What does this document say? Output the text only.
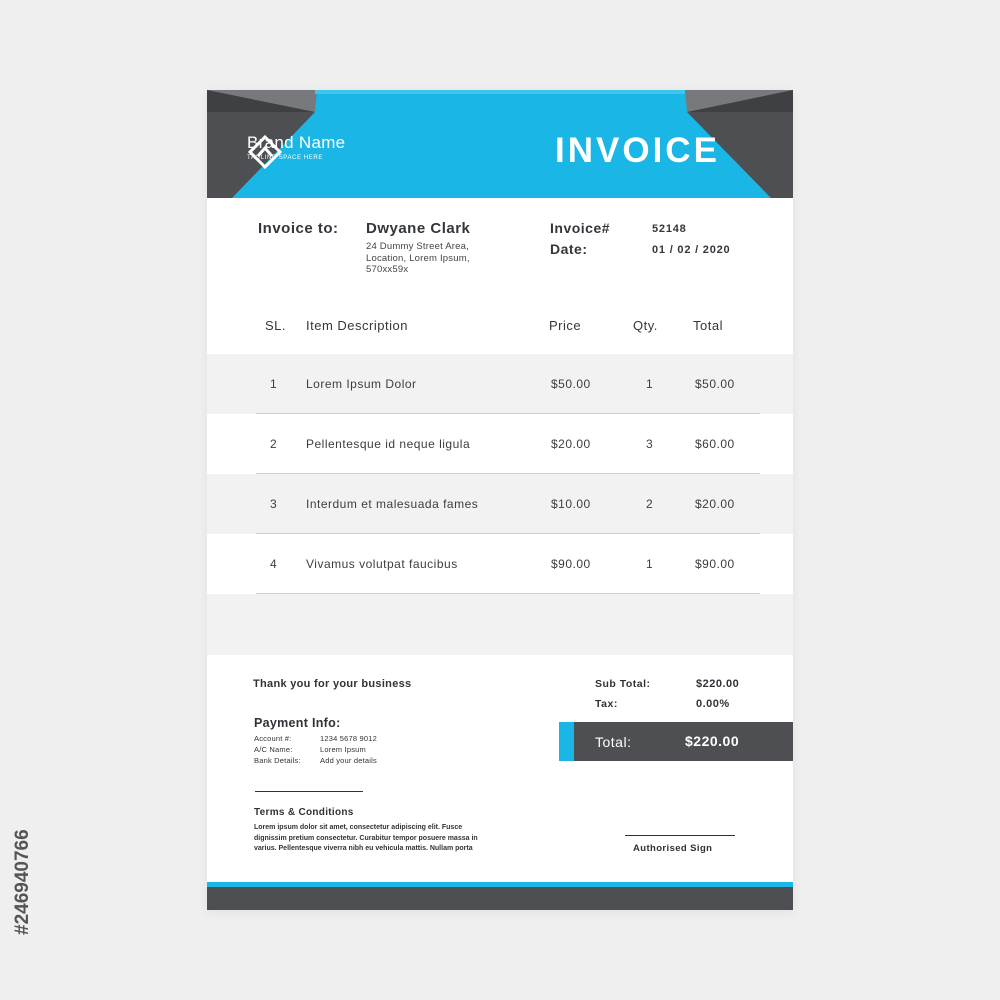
#246940766
Brand Name
TAGLINE SPACE HERE	INVOICE
Invoice to: Dwyane Clark
24 Dummy Street Area,
Location, Lorem Ipsum,
570xx59x
Invoice#	52148
Date:	01 / 02 / 2020
SL. Item Description	Price	Qty.	Total
1 Lorem Ipsum Dolor	$50.00	1	$50.00
2 Pellentesque id neque ligula	$20.00	3	$60.00
3 Interdum et malesuada fames	$10.00	2	$20.00
4 Vivamus volutpat faucibus	$90.00	1	$90.00
Thank you for your business
Payment Info:
Account #:	1234 5678 9012
A/C Name:	Lorem Ipsum
Bank Details:	Add your details
Terms & Conditions
Lorem ipsum dolor sit amet, consectetur adipiscing elit. Fusce dignissim pretium consectetur. Curabitur tempor posuere massa in varius. Pellentesque viverra nibh eu vehicula mattis. Nullam porta
Sub Total:	$220.00
Tax:	0.00%
Total:	$220.00
Authorised Sign
